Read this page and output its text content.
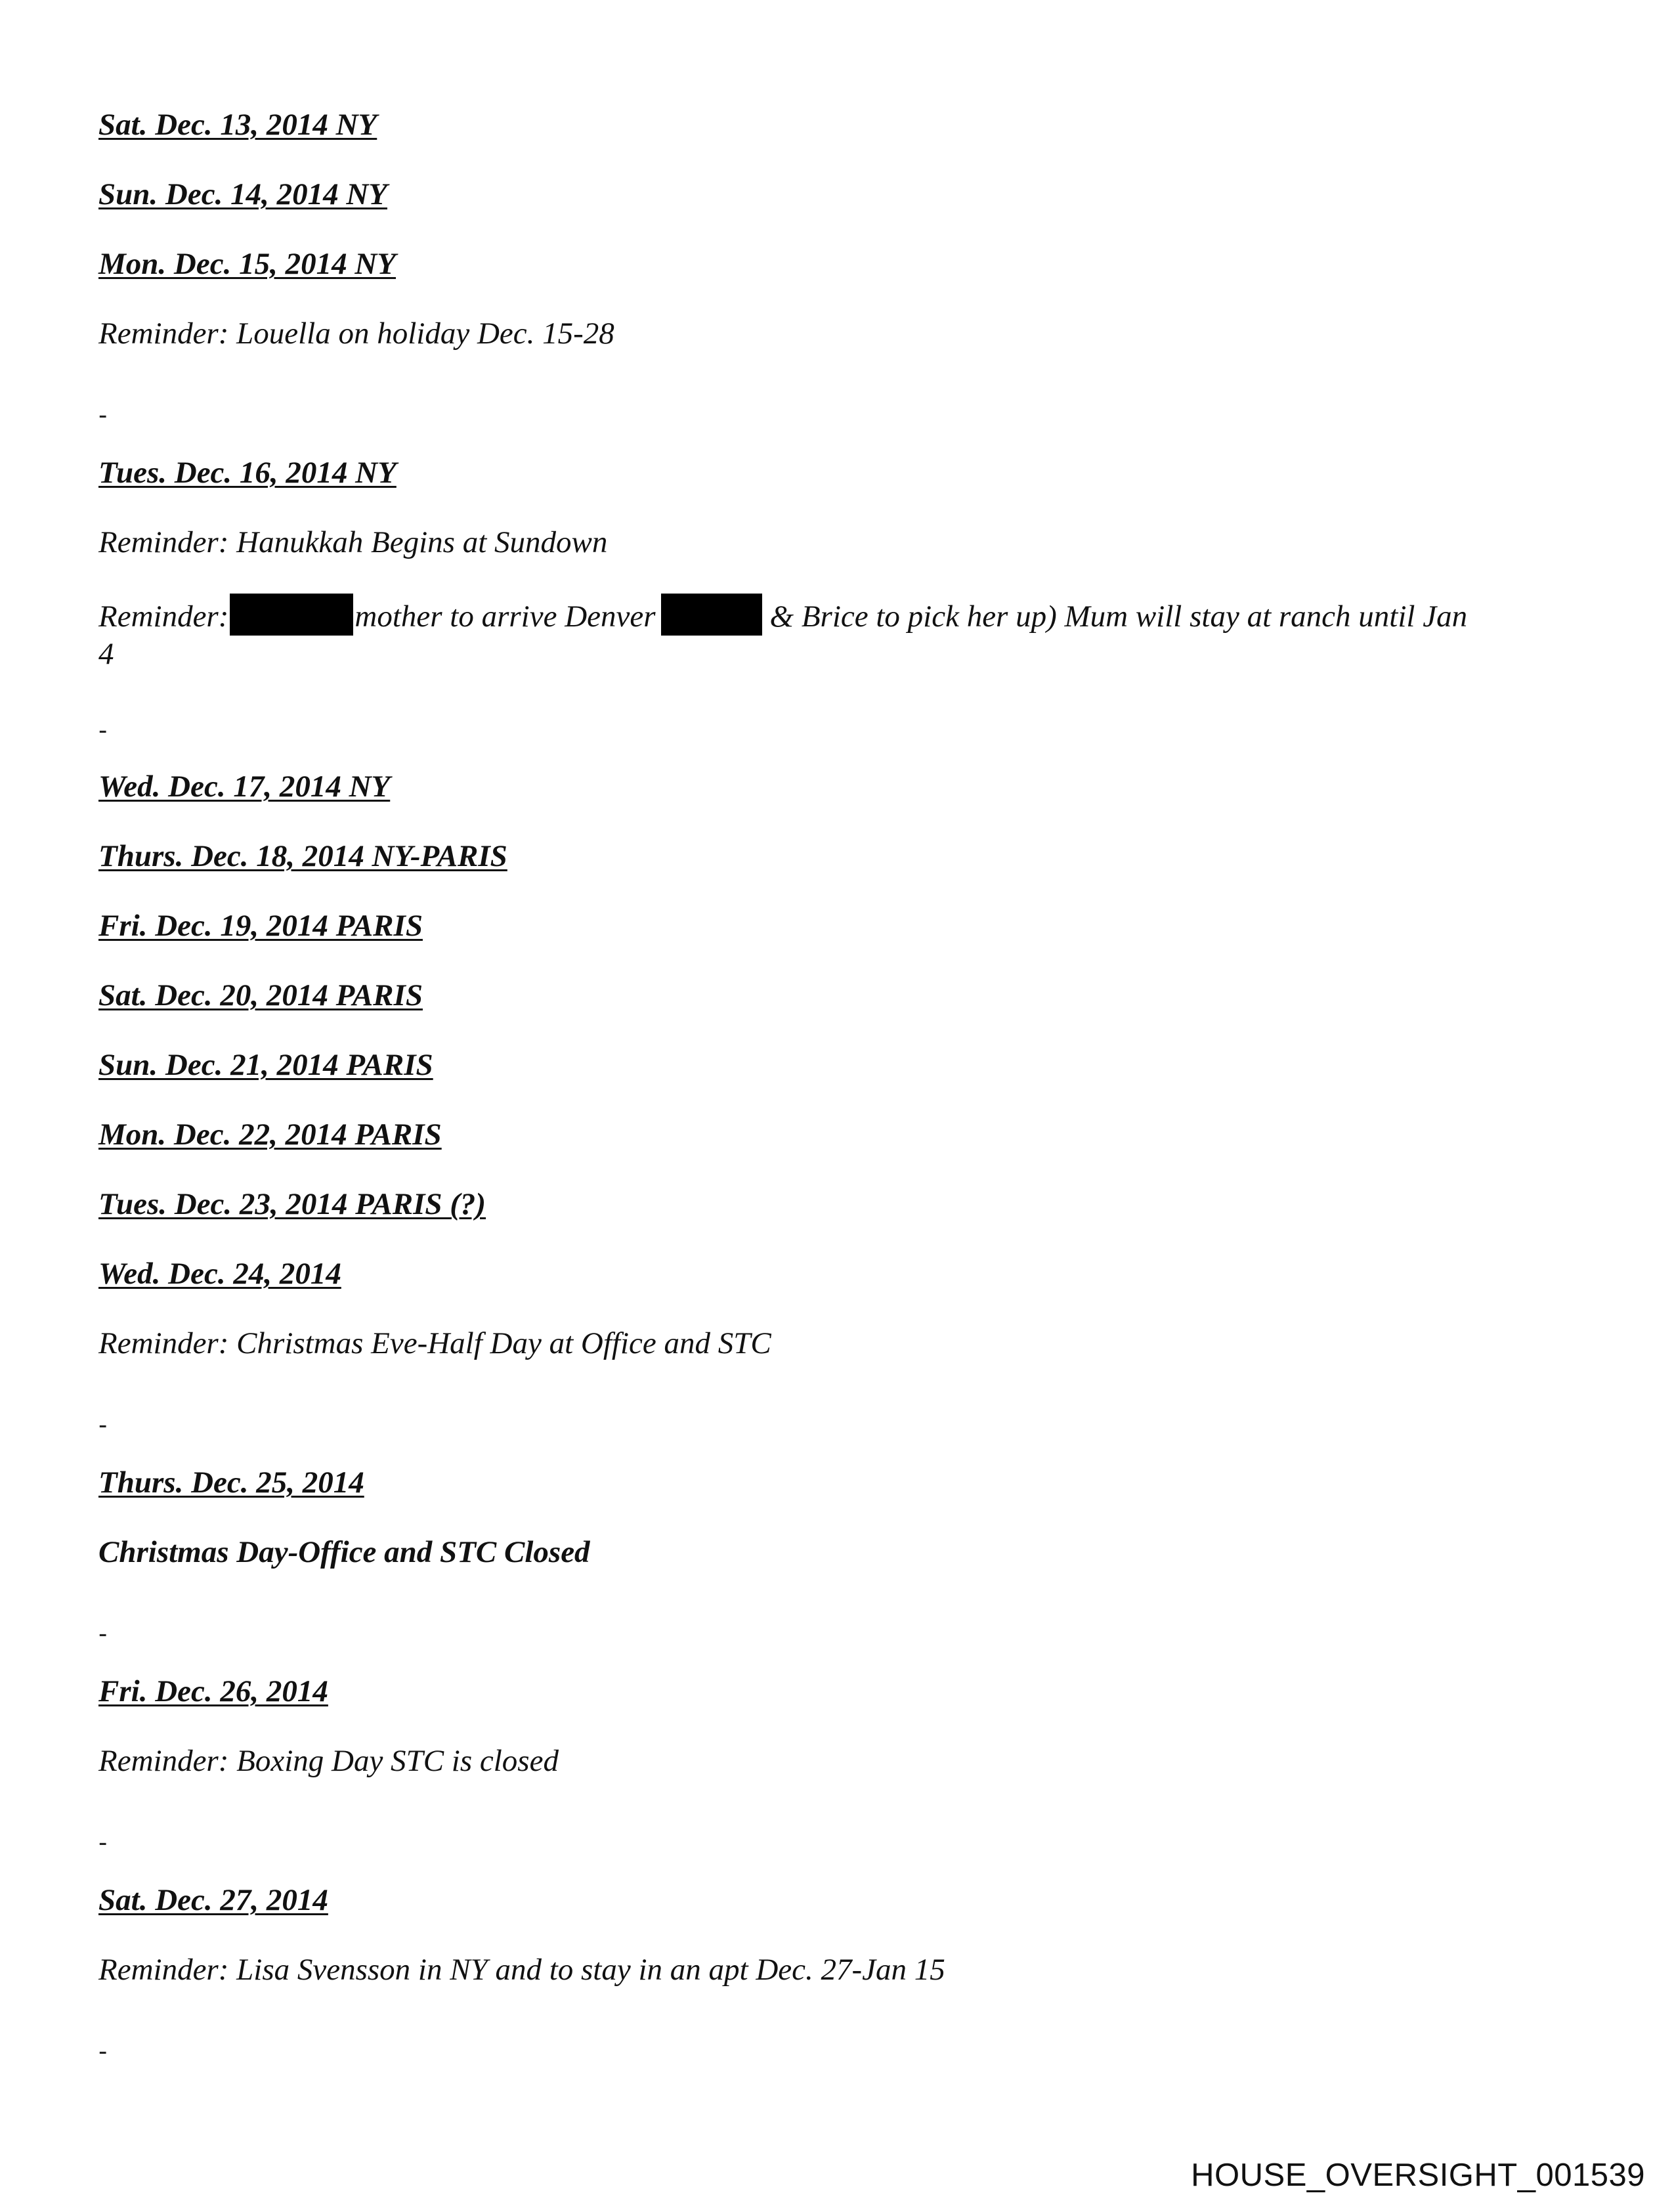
Sat. Dec. 13, 2014 NY
Sun. Dec. 14, 2014 NY
Mon. Dec. 15, 2014 NY
Reminder: Louella on holiday Dec. 15-28
-
Tues. Dec. 16, 2014 NY
Reminder: Hanukkah Begins at Sundown
Reminder:	mother to arrive Denver	& Brice to pick her up) Mum will stay at ranch until Jan
4
-
Wed. Dec. 17, 2014 NY
Thurs. Dec. 18, 2014 NY-PARIS
Fri. Dec. 19, 2014 PARIS
Sat. Dec. 20, 2014 PARIS
Sun. Dec. 21, 2014 PARIS
Mon. Dec. 22, 2014 PARIS
Tues. Dec. 23, 2014 PARIS (?)
Wed. Dec. 24, 2014
Reminder: Christmas Eve-Half Day at Office and STC
-
Thurs. Dec. 25, 2014
Christmas Day-Office and STC Closed
-
Fri. Dec. 26, 2014
Reminder: Boxing Day STC is closed
-
Sat. Dec. 27, 2014
Reminder: Lisa Svensson in NY and to stay in an apt Dec. 27-Jan 15
-
HOUSE_OVERSIGHT_001539
